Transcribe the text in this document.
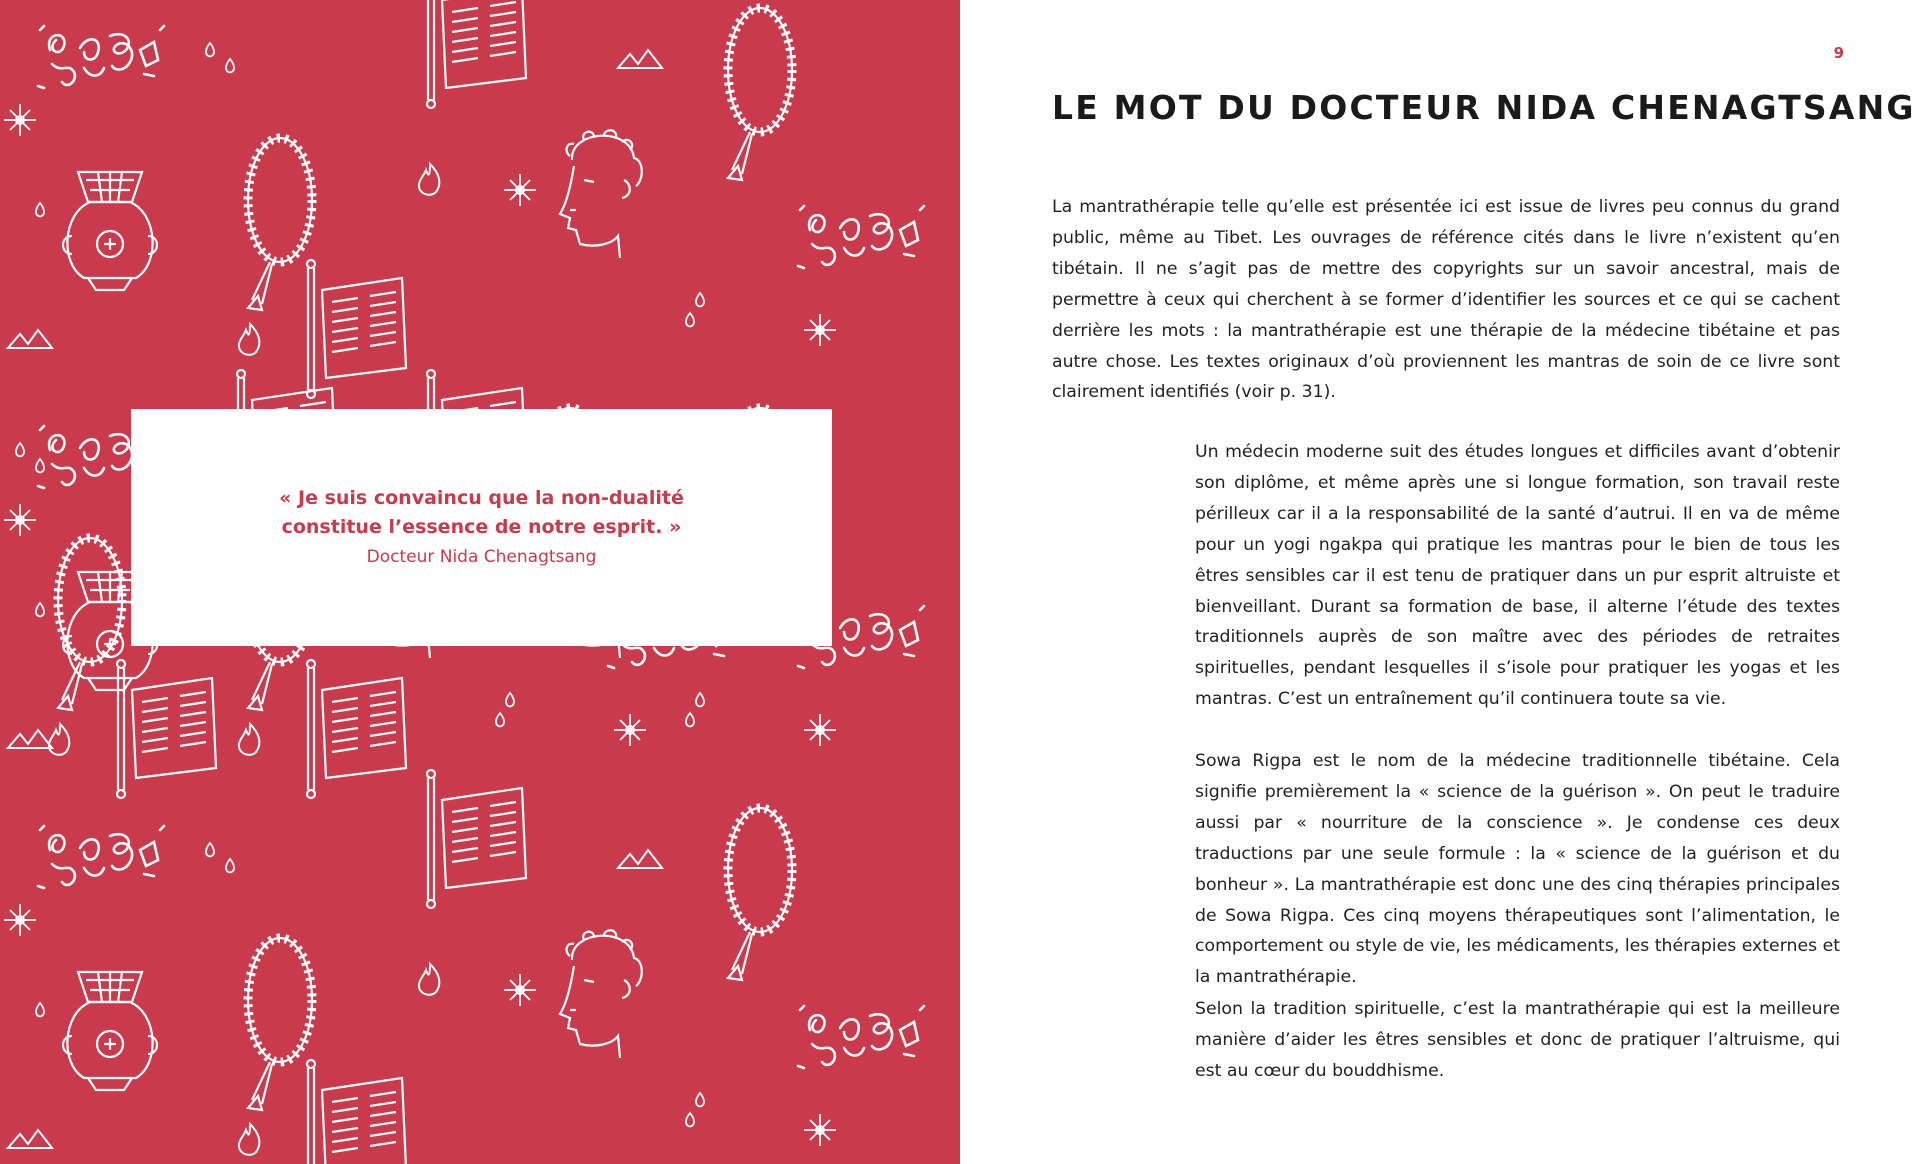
« Je suis convaincu que la non-dualité
constitue l’essence de notre esprit. »

Docteur Nida Chenagtsang

9
LE MOT DU DOCTEUR NIDA CHENAGTSANG

La mantrathérapie telle qu’elle est présentée ici est issue de livres peu connus du grand public, même au Tibet. Les ouvrages de référence cités dans le livre n’existent qu’en tibétain. Il ne s’agit pas de mettre des copyrights sur un savoir ancestral, mais de permettre à ceux qui cherchent à se former d’identifier les sources et ce qui se cachent derrière les mots : la mantrathérapie est une thérapie de la médecine tibétaine et pas autre chose. Les textes originaux d’où proviennent les mantras de soin de ce livre sont clairement identifiés (voir p. 31).

Un médecin moderne suit des études longues et difficiles avant d’obtenir son diplôme, et même après une si longue formation, son travail reste périlleux car il a la responsabilité de la santé d’autrui. Il en va de même pour un yogi ngakpa qui pratique les mantras pour le bien de tous les êtres sensibles car il est tenu de pratiquer dans un pur esprit altruiste et bienveillant. Durant sa formation de base, il alterne l’étude des textes traditionnels auprès de son maître avec des périodes de retraites spirituelles, pendant lesquelles il s’isole pour pratiquer les yogas et les mantras. C’est un entraînement qu’il continuera toute sa vie.

Sowa Rigpa est le nom de la médecine traditionnelle tibétaine. Cela signifie premièrement la « science de la guérison ». On peut le traduire aussi par « nourriture de la conscience ». Je condense ces deux traductions par une seule formule : la « science de la guérison et du bonheur ». La mantrathérapie est donc une des cinq thérapies principales de Sowa Rigpa. Ces cinq moyens thérapeutiques sont l’alimentation, le comportement ou style de vie, les médicaments, les thérapies externes et la mantrathérapie.

Selon la tradition spirituelle, c’est la mantrathérapie qui est la meilleure manière d’aider les êtres sensibles et donc de pratiquer l’altruisme, qui est au cœur du bouddhisme.
